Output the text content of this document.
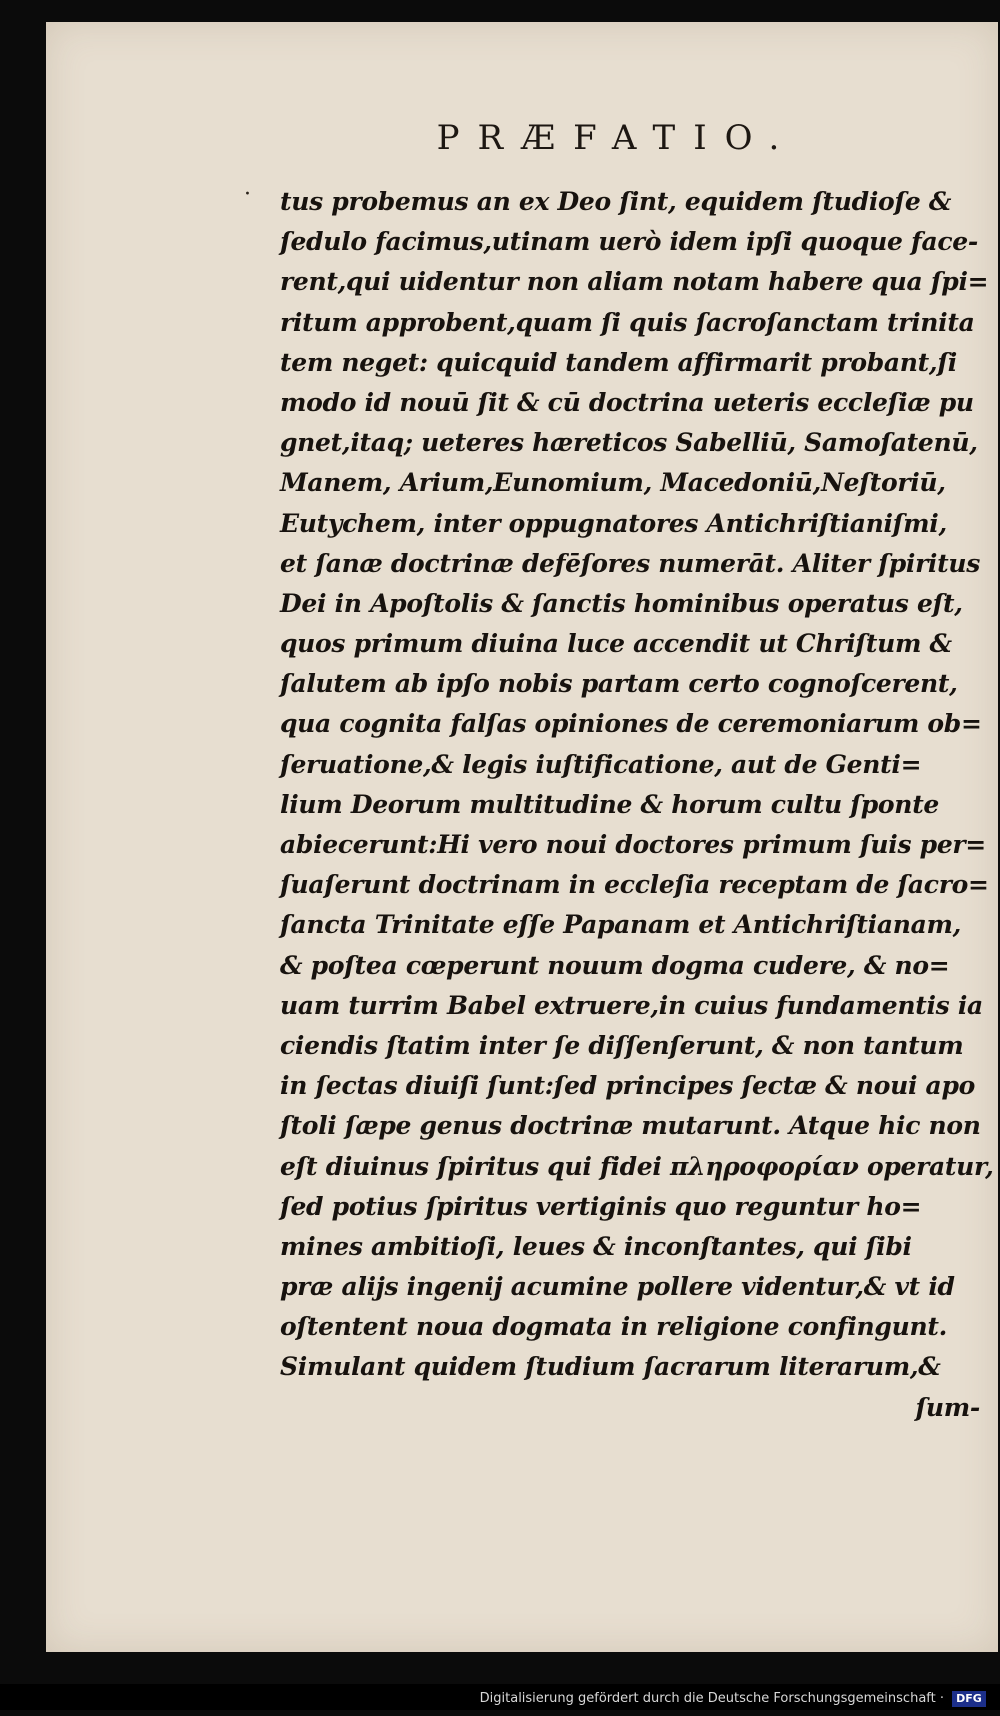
PRÆFATIO.
· tus probemus an ex Deo ſint, equidem ſtudioſe &
ſedulo facimus,utinam uerò idem ipſi quoque face-
rent,qui uidentur non aliam notam habere qua ſpi=
ritum approbent,quam ſi quis ſacroſanctam trinita
tem neget: quicquid tandem affirmarit probant,ſi
modo id nouū ſit & cū doctrina ueteris eccleſiæ pu
gnet,itaq; ueteres hæreticos Sabelliū, Samoſatenū,
Manem, Arium,Eunomium, Macedoniū,Neſtoriū,
Eutychem, inter oppugnatores Antichriſtianiſmi,
et ſanæ doctrinæ defēſores numerāt. Aliter ſpiritus
Dei in Apoſtolis & ſanctis hominibus operatus eſt,
quos primum diuina luce accendit ut Chriſtum &
ſalutem ab ipſo nobis partam certo cognoſcerent,
qua cognita falſas opiniones de ceremoniarum ob=
ſeruatione,& legis iuſtificatione, aut de Genti=
lium Deorum multitudine & horum cultu ſponte
abiecerunt:Hi vero noui doctores primum ſuis per=
ſuaſerunt doctrinam in eccleſia receptam de ſacro=
ſancta Trinitate eſſe Papanam et Antichriſtianam,
& poſtea cœperunt nouum dogma cudere, & no=
uam turrim Babel extruere,in cuius fundamentis ia
ciendis ſtatim inter ſe diſſenſerunt, & non tantum
in ſectas diuiſi ſunt:ſed principes ſectæ & noui apo
ſtoli ſæpe genus doctrinæ mutarunt. Atque hic non
eſt diuinus ſpiritus qui fidei πληροφορίαν operatur,
ſed potius ſpiritus vertiginis quo reguntur ho=
mines ambitioſi, leues & inconſtantes, qui ſibi
præ alijs ingenij acumine pollere videntur,& vt id
oſtentent noua dogmata in religione confingunt.
Simulant quidem ſtudium ſacrarum literarum,&
ſum-
Digitalisierung gefördert durch die Deutsche Forschungsgemeinschaft ·	DFG
